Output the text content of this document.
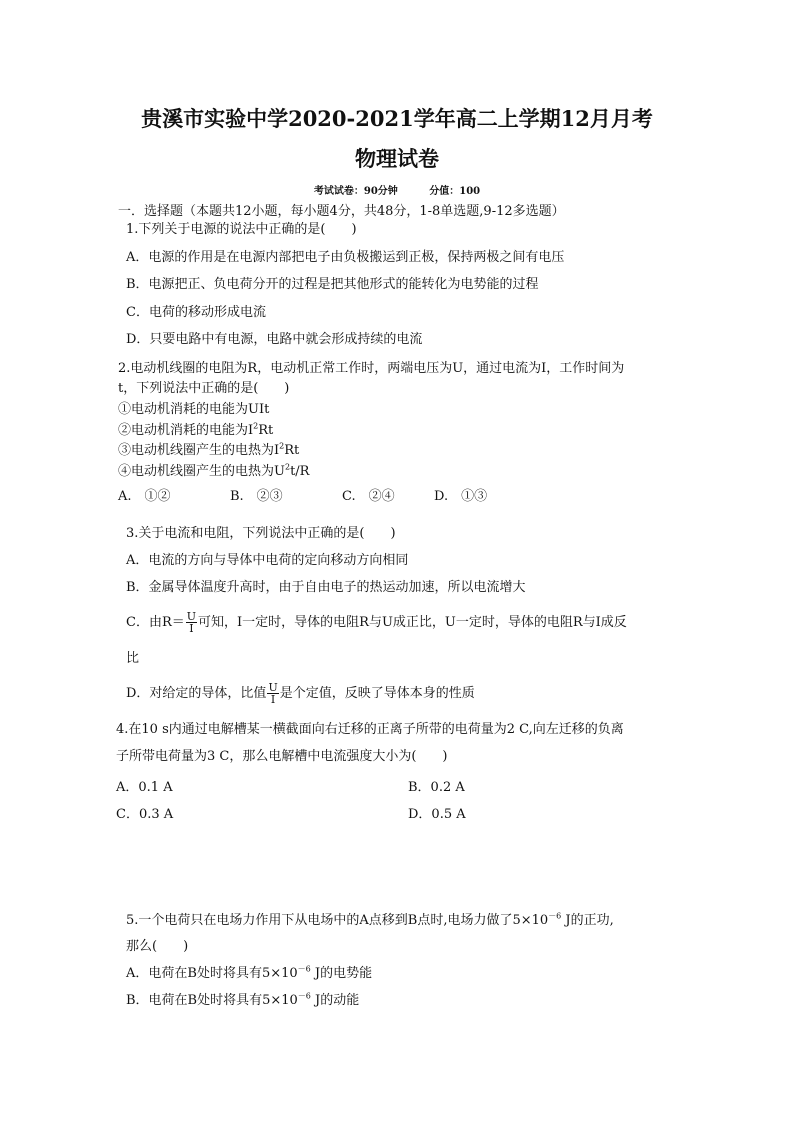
贵溪市实验中学2020-2021学年高二上学期12月月考
物理试卷
考试试卷：90分钟	分值：100
一．选择题（本题共12小题，每小题4分，共48分，1-8单选题,9-12多选题）
1.下列关于电源的说法中正确的是(　　)
A．电源的作用是在电源内部把电子由负极搬运到正极，保持两极之间有电压
B．电源把正、负电荷分开的过程是把其他形式的能转化为电势能的过程
C．电荷的移动形成电流
D．只要电路中有电源，电路中就会形成持续的电流
2.电动机线圈的电阻为R，电动机正常工作时，两端电压为U，通过电流为I，工作时间为
t，下列说法中正确的是(　　)
①电动机消耗的电能为UIt
②电动机消耗的电能为$I^2Rt$
③电动机线圈产生的电热为$I^2Rt$
④电动机线圈产生的电热为$U^2t/R$
A.　①②	B.　②③	C.　②④	D.　①③
3.关于电流和电阻，下列说法中正确的是(　　)
A．电流的方向与导体中电荷的定向移动方向相同
B．金属导体温度升高时，由于自由电子的热运动加速，所以电流增大
C．由$R= \frac{U}{I}$ 可知，I一定时，导体的电阻R与U成正比，U一定时，导体的电阻R与I成反
比
D．对给定的导体，比值 $\frac{U}{I}$ 是个定值，反映了导体本身的性质
4.在10 s内通过电解槽某一横截面向右迁移的正离子所带的电荷量为2 C,向左迁移的负离
子所带电荷量为3 C，那么电解槽中电流强度大小为(　　)
A．0.1 A	B．0.2 A
C．0.3 A	D．0.5 A
5.一个电荷只在电场力作用下从电场中的A点移到B点时,电场力做了$5\times 10^{-6}$ J的正功,
那么(　　)
A．电荷在B处时将具有$5\times 10^{-6}$ J的电势能
B．电荷在B处时将具有$5\times 10^{-6}$ J的动能
